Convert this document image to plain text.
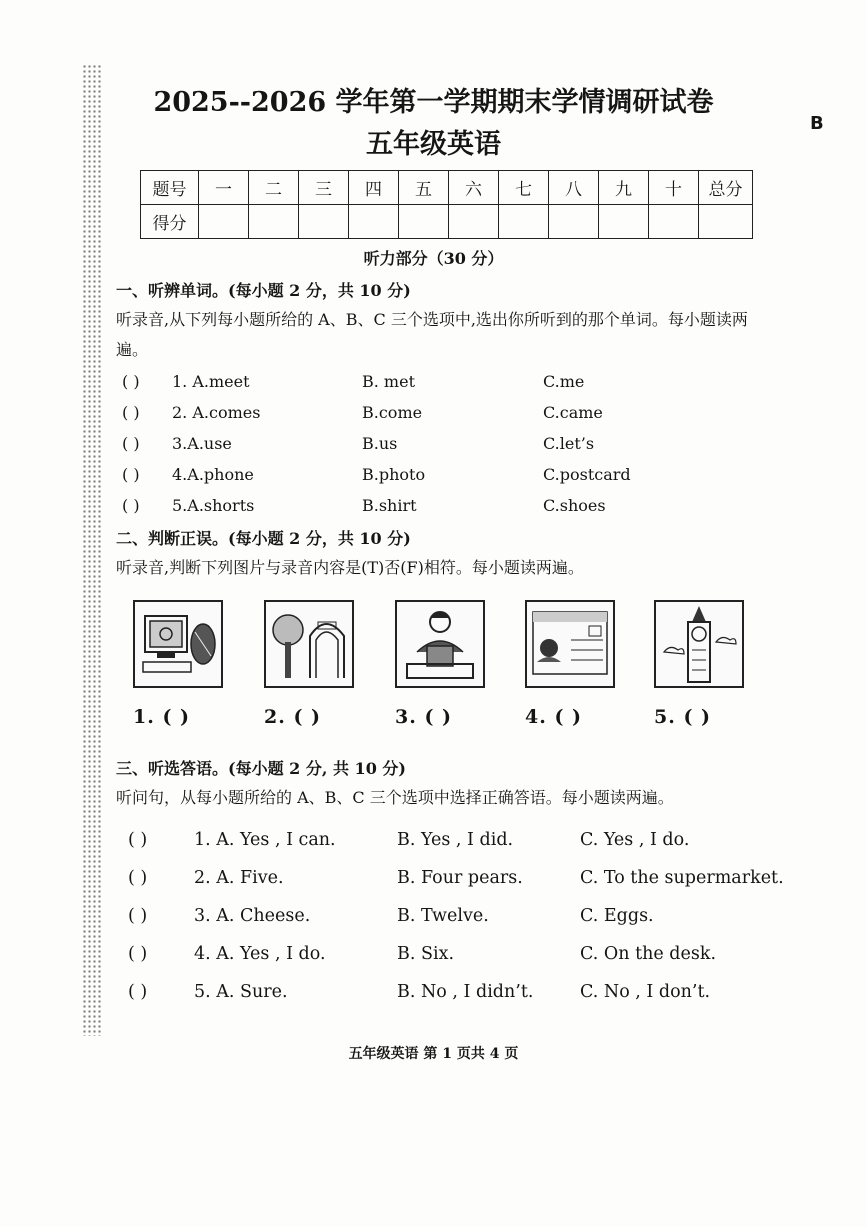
B
2025--2026 学年第一学期期末学情调研试卷
五年级英语
题号	一	二	三	四	五	六	七	八	九	十	总分
得分											
听力部分（30 分）
一、听辨单词。(每小题 2 分，共 10 分)
听录音,从下列每小题所给的 A、B、C 三个选项中,选出你所听到的那个单词。每小题读两遍。
( ) 1. A.meet	B. met	C.me
( ) 2. A.comes	B.come	C.came
( ) 3.A.use	B.us	C.let’s
( ) 4.A.phone	B.photo	C.postcard
( ) 5.A.shorts	B.shirt	C.shoes
二、判断正误。(每小题 2 分，共 10 分)
听录音,判断下列图片与录音内容是(T)否(F)相符。每小题读两遍。
1. ( )	2. ( )	3. ( )	4. ( )	5. ( )
三、听选答语。(每小题 2 分, 共 10 分)
听问句，从每小题所给的 A、B、C 三个选项中选择正确答语。每小题读两遍。
( )	1. A. Yes , I can.	B. Yes , I did.	C. Yes , I do.
( )	2. A. Five.	B. Four pears.	C. To the supermarket.
( )	3. A. Cheese.	B. Twelve.	C. Eggs.
( )	4. A. Yes , I do.	B. Six.	C. On the desk.
( )	5. A. Sure.	B. No , I didn’t.	C. No , I don’t.
五年级英语 第 1 页共 4 页
